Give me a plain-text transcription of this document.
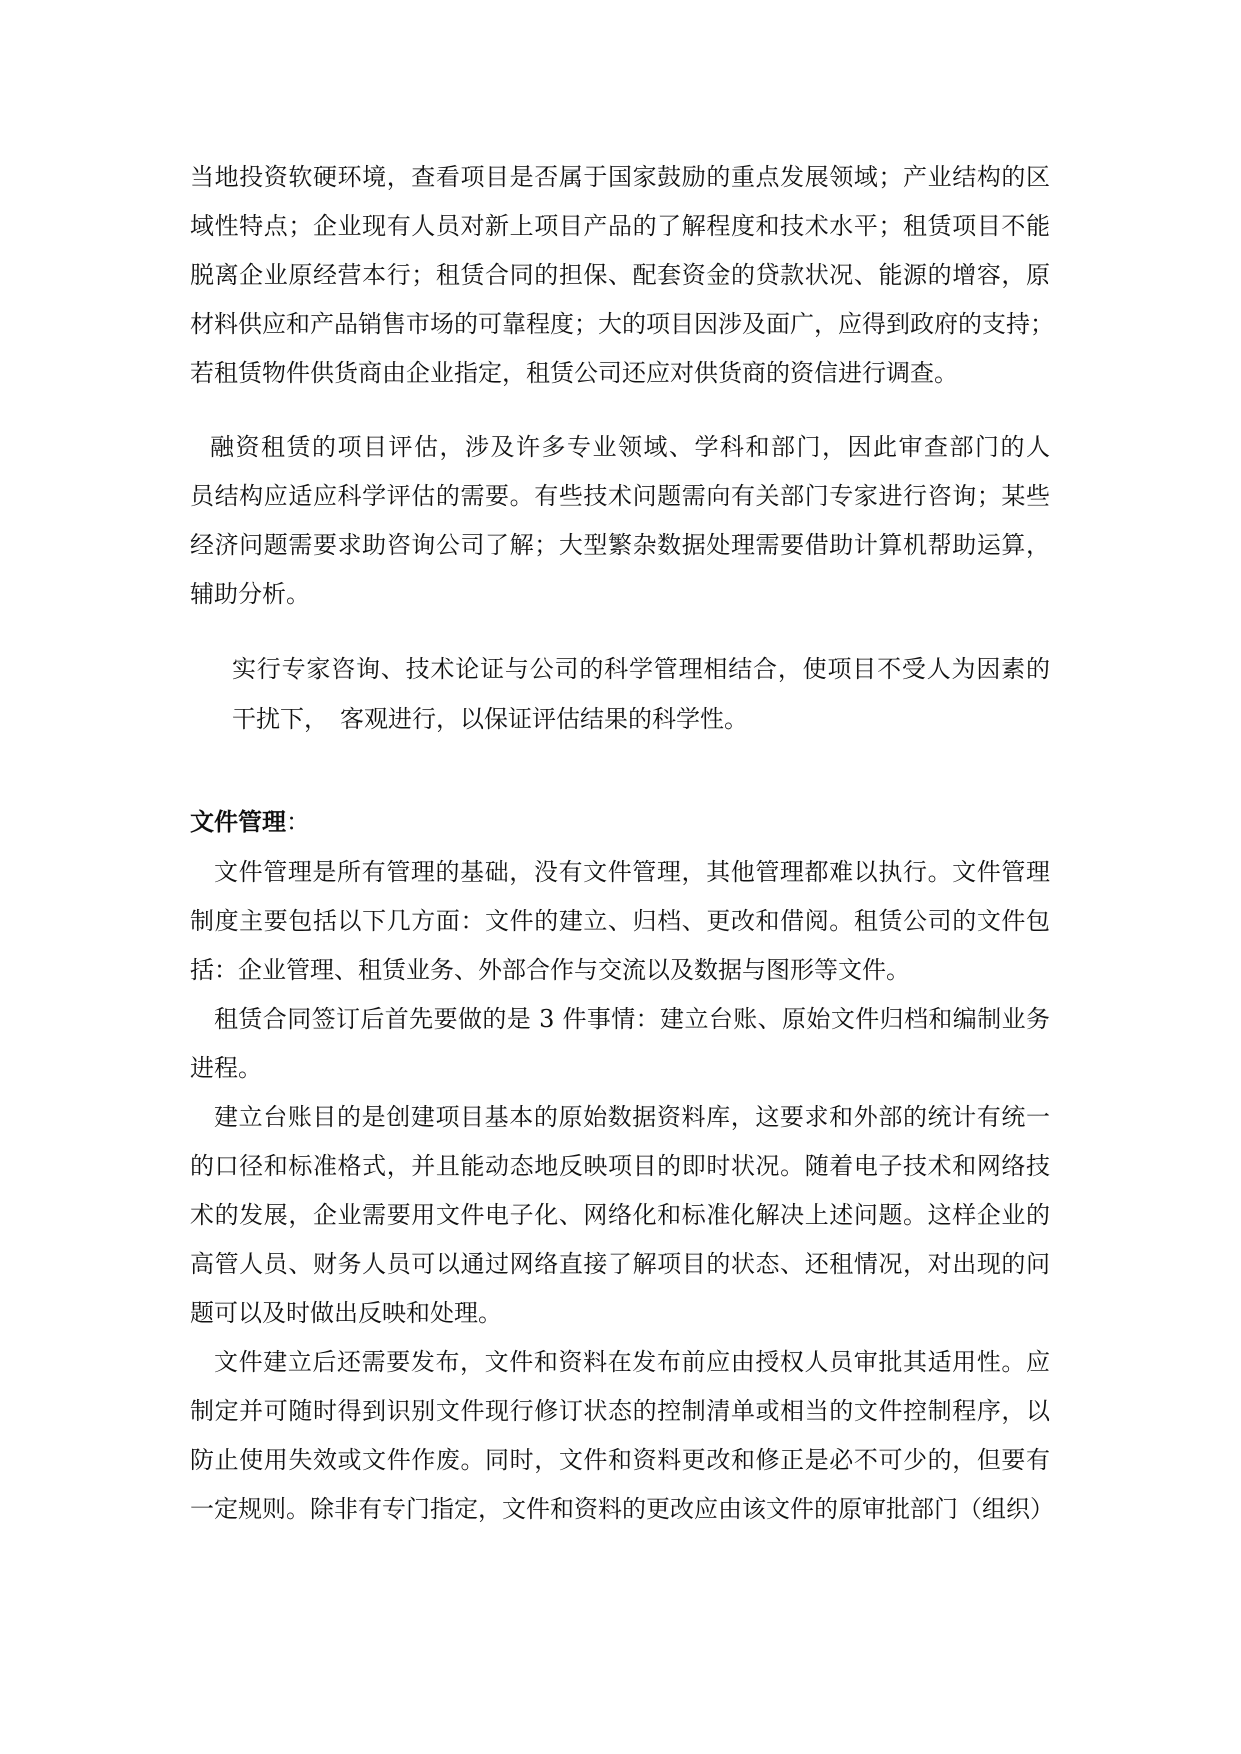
当地投资软硬环境，查看项目是否属于国家鼓励的重点发展领域；产业结构的区
域性特点；企业现有人员对新上项目产品的了解程度和技术水平；租赁项目不能
脱离企业原经营本行；租赁合同的担保、配套资金的贷款状况、能源的增容，原
材料供应和产品销售市场的可靠程度；大的项目因涉及面广，应得到政府的支持；
若租赁物件供货商由企业指定，租赁公司还应对供货商的资信进行调查。
融资租赁的项目评估，涉及许多专业领域、学科和部门，因此审查部门的人
员结构应适应科学评估的需要。有些技术问题需向有关部门专家进行咨询；某些
经济问题需要求助咨询公司了解；大型繁杂数据处理需要借助计算机帮助运算，
辅助分析。
实行专家咨询、技术论证与公司的科学管理相结合，使项目不受人为因素的
干扰下，　客观进行，以保证评估结果的科学性。
文件管理：
文件管理是所有管理的基础，没有文件管理，其他管理都难以执行。文件管理
制度主要包括以下几方面：文件的建立、归档、更改和借阅。租赁公司的文件包
括：企业管理、租赁业务、外部合作与交流以及数据与图形等文件。
租赁合同签订后首先要做的是 3 件事情：建立台账、原始文件归档和编制业务
进程。
建立台账目的是创建项目基本的原始数据资料库，这要求和外部的统计有统一
的口径和标准格式，并且能动态地反映项目的即时状况。随着电子技术和网络技
术的发展，企业需要用文件电子化、网络化和标准化解决上述问题。这样企业的
高管人员、财务人员可以通过网络直接了解项目的状态、还租情况，对出现的问
题可以及时做出反映和处理。
文件建立后还需要发布，文件和资料在发布前应由授权人员审批其适用性。应
制定并可随时得到识别文件现行修订状态的控制清单或相当的文件控制程序，以
防止使用失效或文件作废。同时，文件和资料更改和修正是必不可少的，但要有
一定规则。除非有专门指定，文件和资料的更改应由该文件的原审批部门（组织）
